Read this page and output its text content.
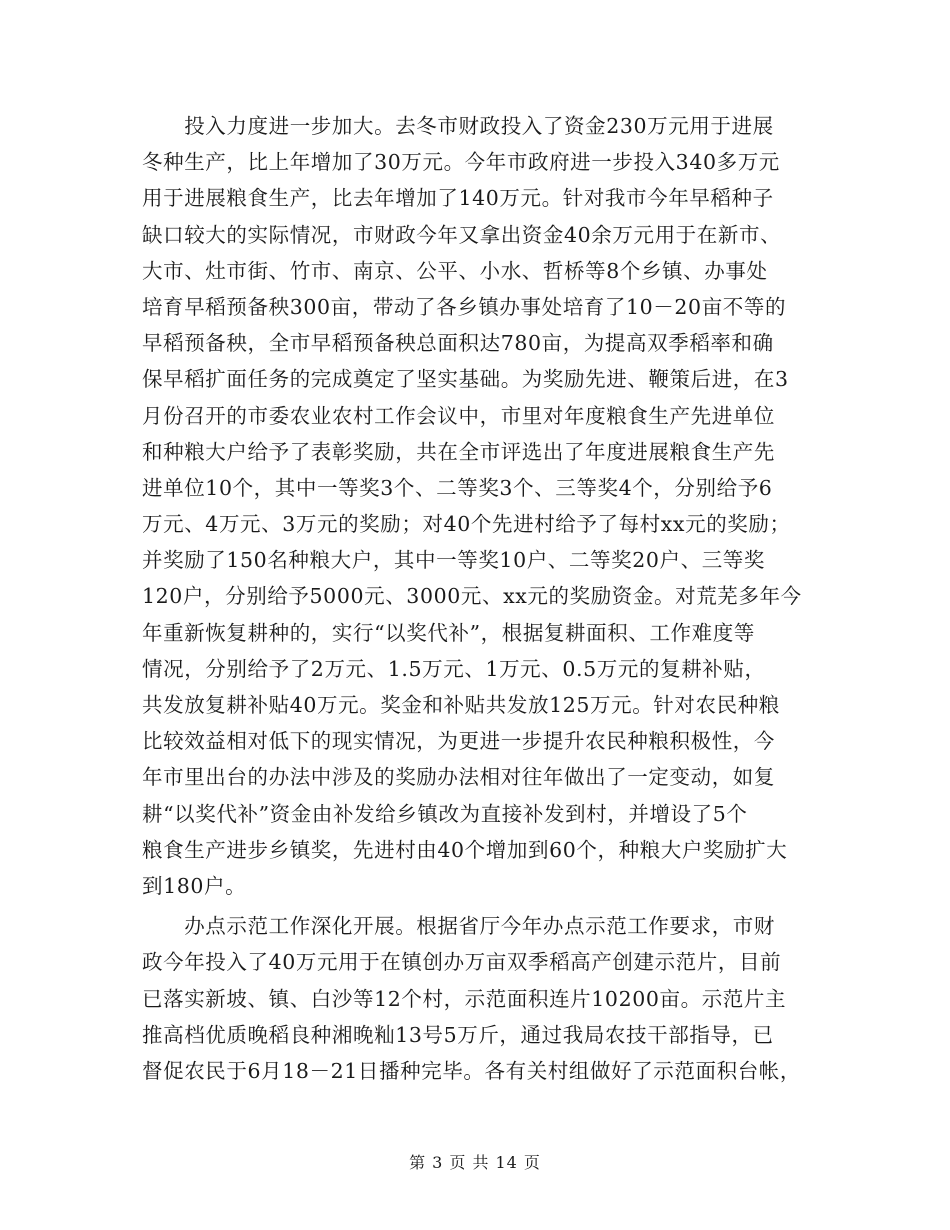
　　投入力度进一步加大。去冬市财政投入了资金230万元用于进展
冬种生产，比上年增加了30万元。今年市政府进一步投入340多万元
用于进展粮食生产，比去年增加了140万元。针对我市今年早稻种子
缺口较大的实际情况，市财政今年又拿出资金40余万元用于在新市、
大市、灶市街、竹市、南京、公平、小水、哲桥等8个乡镇、办事处
培育早稻预备秧300亩，带动了各乡镇办事处培育了10－20亩不等的
早稻预备秧，全市早稻预备秧总面积达780亩，为提高双季稻率和确
保早稻扩面任务的完成奠定了坚实基础。为奖励先进、鞭策后进，在3
月份召开的市委农业农村工作会议中，市里对年度粮食生产先进单位
和种粮大户给予了表彰奖励，共在全市评选出了年度进展粮食生产先
进单位10个，其中一等奖3个、二等奖3个、三等奖4个，分别给予6
万元、4万元、3万元的奖励；对40个先进村给予了每村xx元的奖励；
并奖励了150名种粮大户，其中一等奖10户、二等奖20户、三等奖
120户，分别给予5000元、3000元、xx元的奖励资金。对荒芜多年今
年重新恢复耕种的，实行“以奖代补”，根据复耕面积、工作难度等
情况，分别给予了2万元、1.5万元、1万元、0.5万元的复耕补贴，
共发放复耕补贴40万元。奖金和补贴共发放125万元。针对农民种粮
比较效益相对低下的现实情况，为更进一步提升农民种粮积极性，今
年市里出台的办法中涉及的奖励办法相对往年做出了一定变动，如复
耕“以奖代补”资金由补发给乡镇改为直接补发到村，并增设了5个
粮食生产进步乡镇奖，先进村由40个增加到60个，种粮大户奖励扩大
到180户。
　　办点示范工作深化开展。根据省厅今年办点示范工作要求，市财
政今年投入了40万元用于在镇创办万亩双季稻高产创建示范片，目前
已落实新坡、镇、白沙等12个村，示范面积连片10200亩。示范片主
推高档优质晚稻良种湘晚籼13号5万斤，通过我局农技干部指导，已
督促农民于6月18－21日播种完毕。各有关村组做好了示范面积台帐，
第 3 页 共 14 页
